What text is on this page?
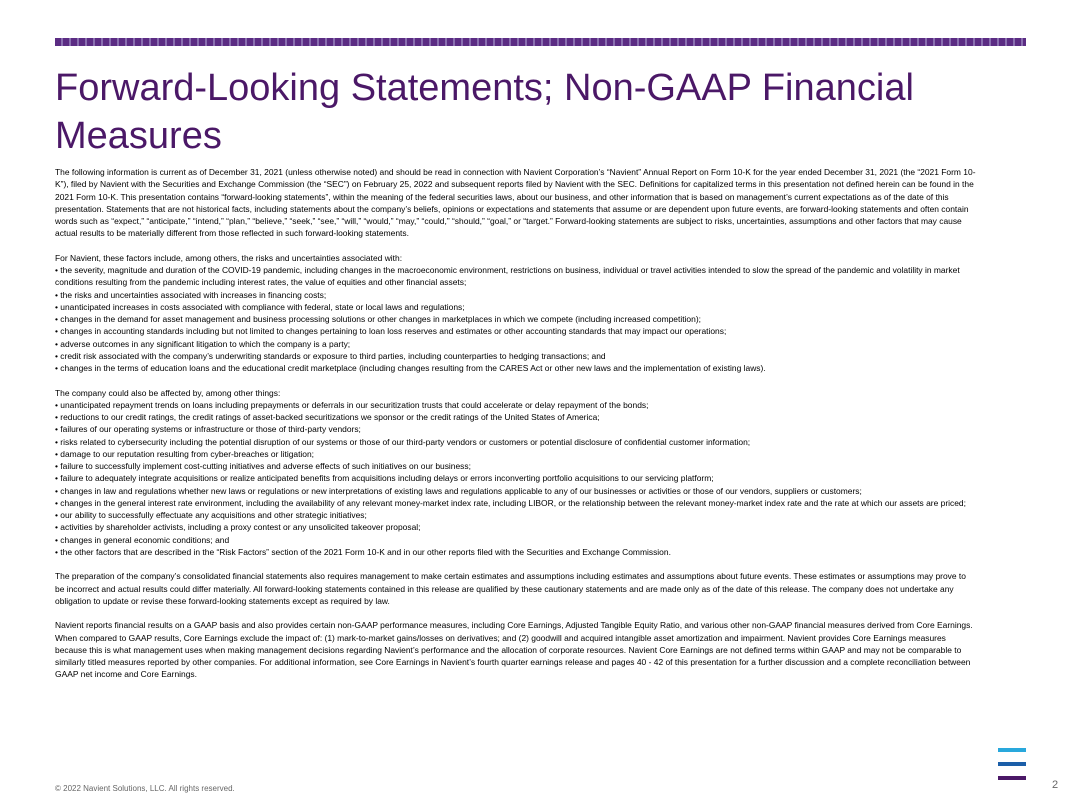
Forward-Looking Statements; Non-GAAP Financial Measures

The following information is current as of December 31, 2021 (unless otherwise noted) and should be read in connection with Navient Corporation’s “Navient” Annual Report on Form 10-K for the year ended December 31, 2021 (the “2021 Form 10-K”), filed by Navient with the Securities and Exchange Commission (the “SEC”) on February 25, 2022 and subsequent reports filed by Navient with the SEC. Definitions for capitalized terms in this presentation not defined herein can be found in the 2021 Form 10-K. This presentation contains “forward-looking statements”, within the meaning of the federal securities laws, about our business, and other information that is based on management’s current expectations as of the date of this presentation. Statements that are not historical facts, including statements about the company’s beliefs, opinions or expectations and statements that assume or are dependent upon future events, are forward-looking statements and often contain words such as “expect,” “anticipate,” “intend,” “plan,” “believe,” “seek,” “see,” “will,” “would,” “may,” “could,” “should,” “goal,” or “target.” Forward-looking statements are subject to risks, uncertainties, assumptions and other factors that may cause actual results to be materially different from those reflected in such forward-looking statements.

For Navient, these factors include, among others, the risks and uncertainties associated with:
• the severity, magnitude and duration of the COVID-19 pandemic, including changes in the macroeconomic environment, restrictions on business, individual or travel activities intended to slow the spread of the pandemic and volatility in market conditions resulting from the pandemic including interest rates, the value of equities and other financial assets;
• the risks and uncertainties associated with increases in financing costs;
• unanticipated increases in costs associated with compliance with federal, state or local laws and regulations;
• changes in the demand for asset management and business processing solutions or other changes in marketplaces in which we compete (including increased competition);
• changes in accounting standards including but not limited to changes pertaining to loan loss reserves and estimates or other accounting standards that may impact our operations;
• adverse outcomes in any significant litigation to which the company is a party;
• credit risk associated with the company’s underwriting standards or exposure to third parties, including counterparties to hedging transactions; and
• changes in the terms of education loans and the educational credit marketplace (including changes resulting from the CARES Act or other new laws and the implementation of existing laws).

The company could also be affected by, among other things:
• unanticipated repayment trends on loans including prepayments or deferrals in our securitization trusts that could accelerate or delay repayment of the bonds;
• reductions to our credit ratings, the credit ratings of asset-backed securitizations we sponsor or the credit ratings of the United States of America;
• failures of our operating systems or infrastructure or those of third-party vendors;
• risks related to cybersecurity including the potential disruption of our systems or those of our third-party vendors or customers or potential disclosure of confidential customer information;
• damage to our reputation resulting from cyber-breaches or litigation;
• failure to successfully implement cost-cutting initiatives and adverse effects of such initiatives on our business;
• failure to adequately integrate acquisitions or realize anticipated benefits from acquisitions including delays or errors inconverting portfolio acquisitions to our servicing platform;
• changes in law and regulations whether new laws or regulations or new interpretations of existing laws and regulations applicable to any of our businesses or activities or those of our vendors, suppliers or customers;
• changes in the general interest rate environment, including the availability of any relevant money-market index rate, including LIBOR, or the relationship between the relevant money-market index rate and the rate at which our assets are priced;
• our ability to successfully effectuate any acquisitions and other strategic initiatives;
• activities by shareholder activists, including a proxy contest or any unsolicited takeover proposal;
• changes in general economic conditions; and
• the other factors that are described in the “Risk Factors” section of the 2021 Form 10-K and in our other reports filed with the Securities and Exchange Commission.

The preparation of the company’s consolidated financial statements also requires management to make certain estimates and assumptions including estimates and assumptions about future events. These estimates or assumptions may prove to be incorrect and actual results could differ materially. All forward-looking statements contained in this release are qualified by these cautionary statements and are made only as of the date of this release. The company does not undertake any obligation to update or revise these forward-looking statements except as required by law.

Navient reports financial results on a GAAP basis and also provides certain non-GAAP performance measures, including Core Earnings, Adjusted Tangible Equity Ratio, and various other non-GAAP financial measures derived from Core Earnings. When compared to GAAP results, Core Earnings exclude the impact of: (1) mark-to-market gains/losses on derivatives; and (2) goodwill and acquired intangible asset amortization and impairment. Navient provides Core Earnings measures because this is what management uses when making management decisions regarding Navient’s performance and the allocation of corporate resources. Navient Core Earnings are not defined terms within GAAP and may not be comparable to similarly titled measures reported by other companies. For additional information, see Core Earnings in Navient’s fourth quarter earnings release and pages 40 - 42 of this presentation for a further discussion and a complete reconciliation between GAAP net income and Core Earnings.

© 2022 Navient Solutions, LLC. All rights reserved.	2
